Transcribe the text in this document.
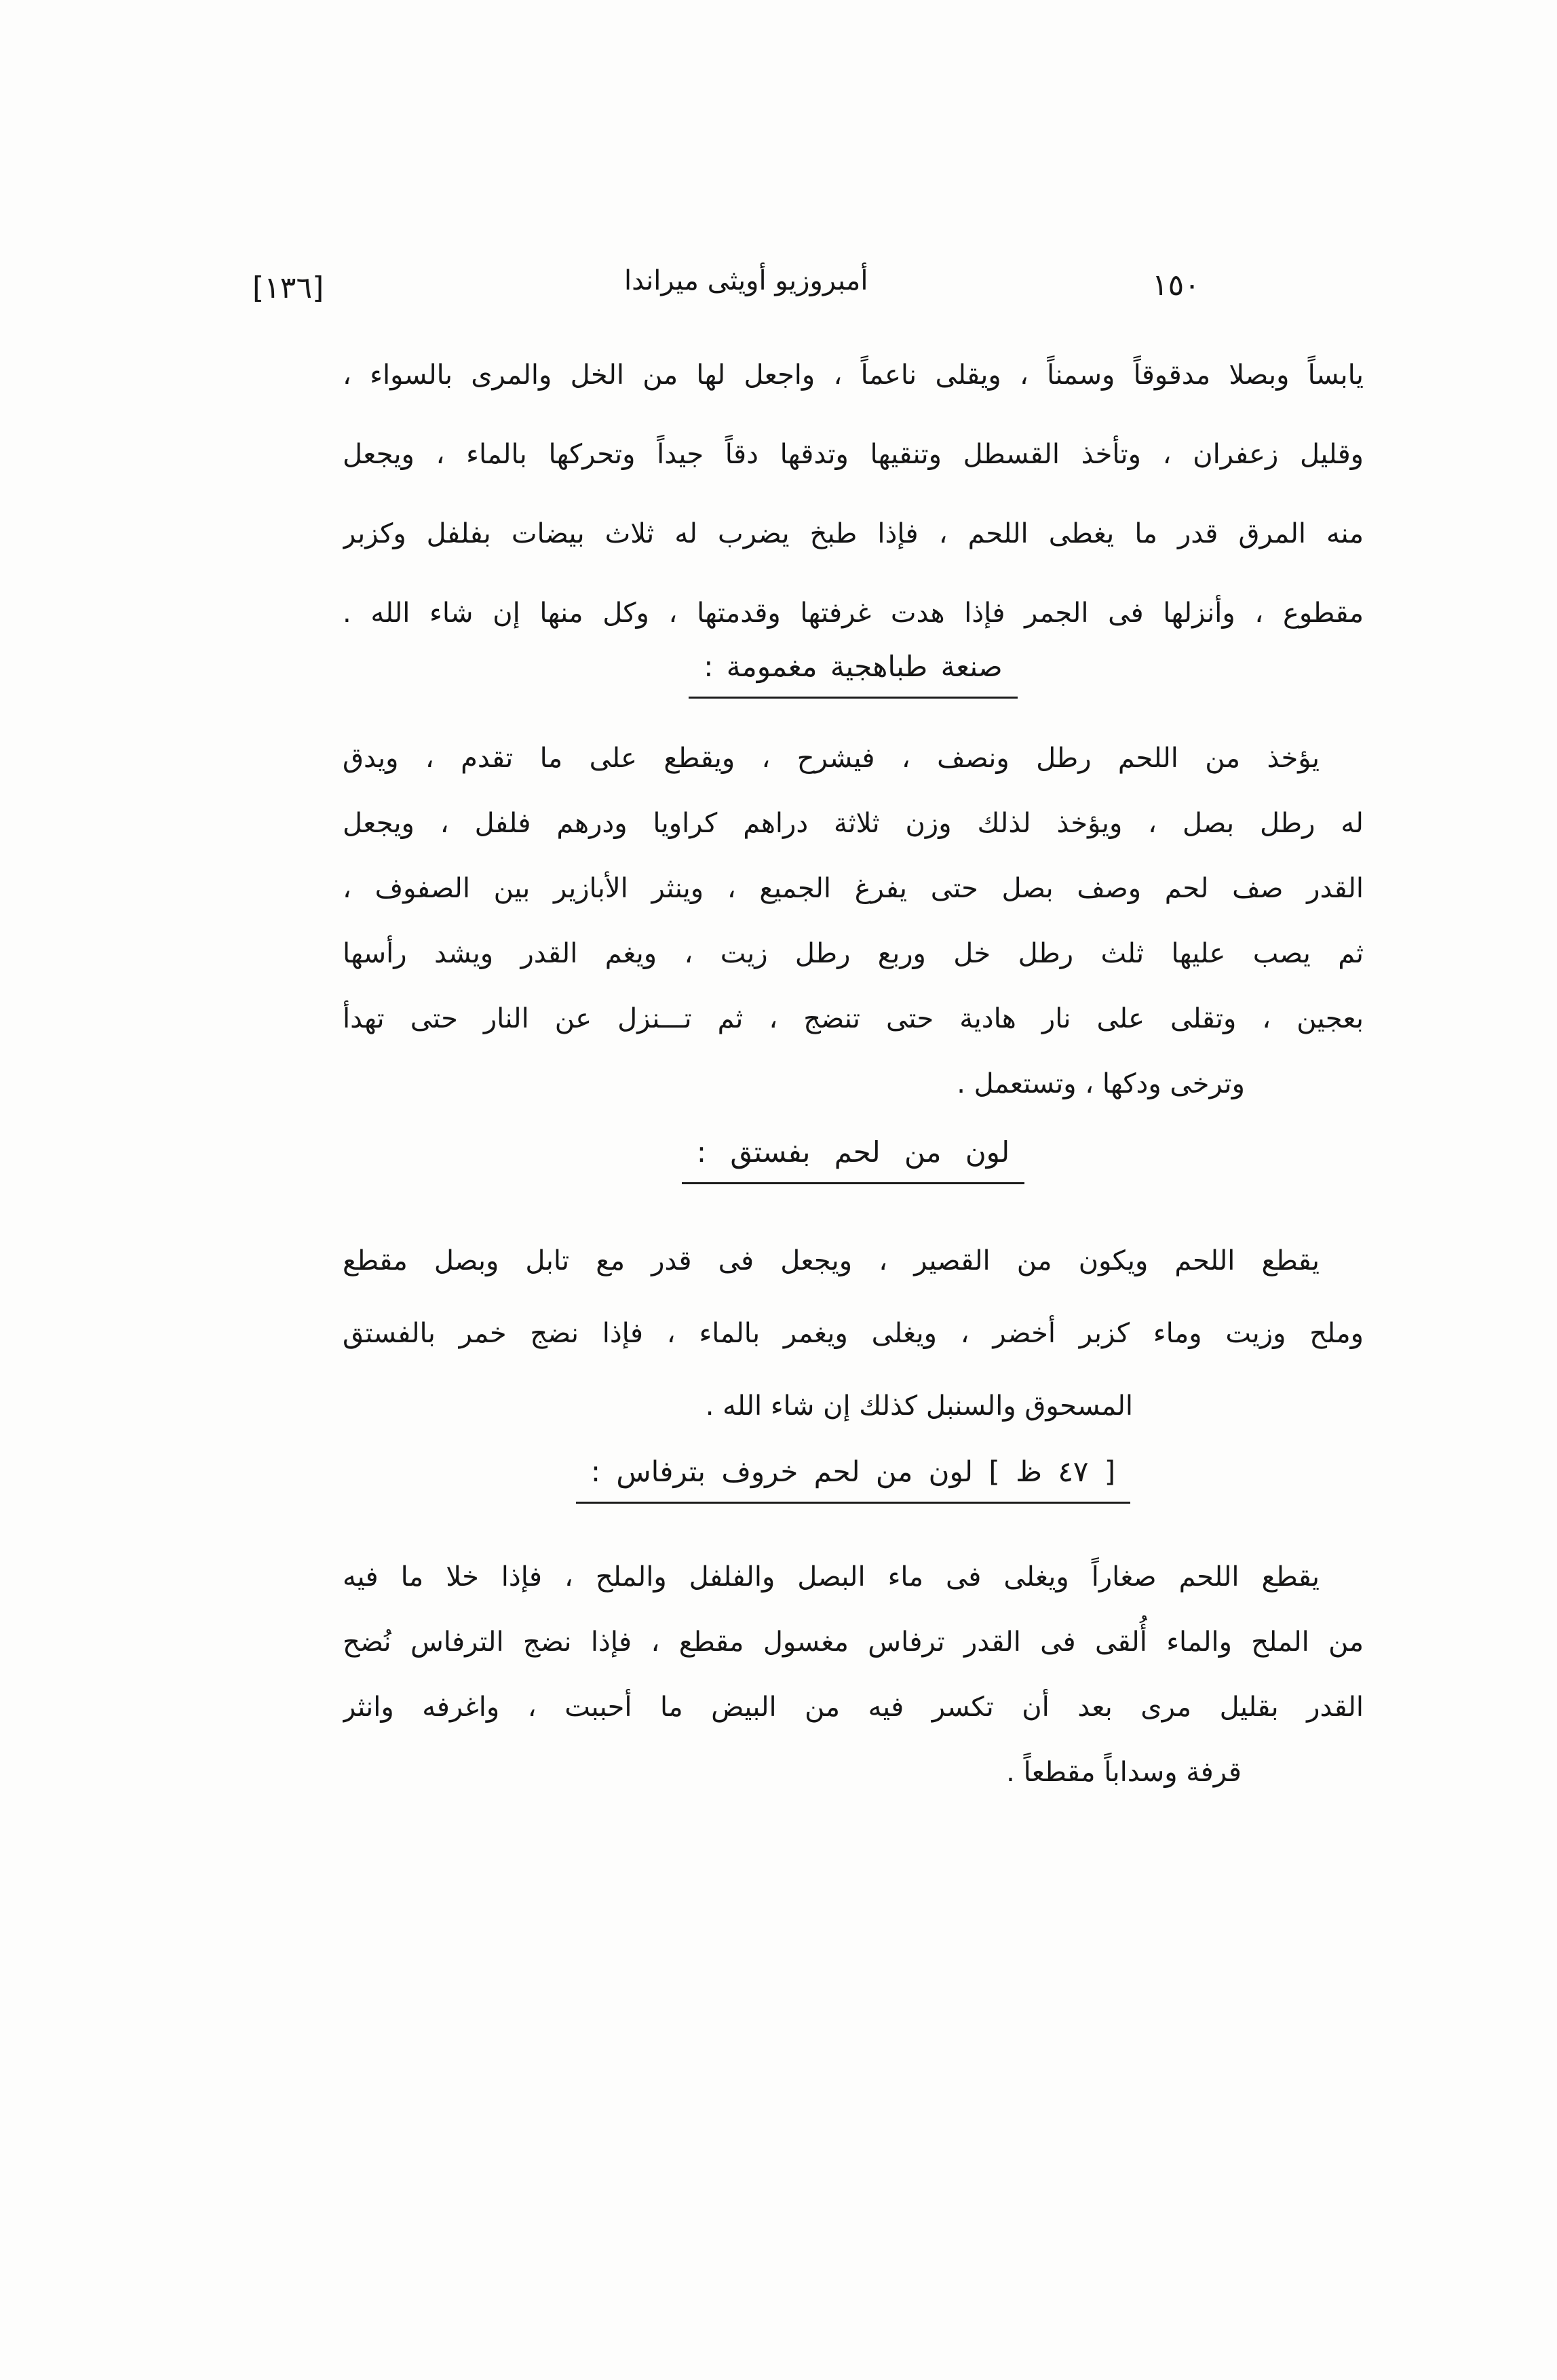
[١٣٦]	أمبروزيو أويثى ميراندا	١٥٠
يابساً وبصلا مدقوقاً وسمناً ، ويقلى ناعماً ، واجعل لها من الخل والمرى بالسواء ،
وقليل زعفران ، وتأخذ القسطل وتنقيها وتدقها دقاً جيداً وتحركها بالماء ، ويجعل
منه المرق قدر ما يغطى اللحم ، فإذا طبخ يضرب له ثلاث بيضات بفلفل وكزبر
مقطوع ، وأنزلها فى الجمر فإذا هدت غرفتها وقدمتها ، وكل منها إن شاء الله .
صنعة طباهجية مغمومة :
يؤخذ من اللحم رطل ونصف ، فيشرح ، ويقطع على ما تقدم ، ويدق
له رطل بصل ، ويؤخذ لذلك وزن ثلاثة دراهم كراويا ودرهم فلفل ، ويجعل
القدر صف لحم وصف بصل حتى يفرغ الجميع ، وينثر الأبازير بين الصفوف ،
ثم يصب عليها ثلث رطل خل وربع رطل زيت ، ويغم القدر ويشد رأسها
بعجين ، وتقلى على نار هادية حتى تنضج ، ثم تـــنزل عن النار حتى تهدأ
وترخى ودكها ، وتستعمل .
لون من لحم بفستق :
يقطع اللحم ويكون من القصير ، ويجعل فى قدر مع تابل وبصل مقطع
وملح وزيت وماء كزبر أخضر ، ويغلى ويغمر بالماء ، فإذا نضج خمر بالفستق
المسحوق والسنبل كذلك إن شاء الله .
[ ٤٧ ظ ] لون من لحم خروف بترفاس :
يقطع اللحم صغاراً ويغلى فى ماء البصل والفلفل والملح ، فإذا خلا ما فيه
من الملح والماء أُلقى فى القدر ترفاس مغسول مقطع ، فإذا نضج الترفاس نُضح
القدر بقليل مرى بعد أن تكسر فيه من البيض ما أحببت ، واغرفه وانثر
قرفة وسداباً مقطعاً .
